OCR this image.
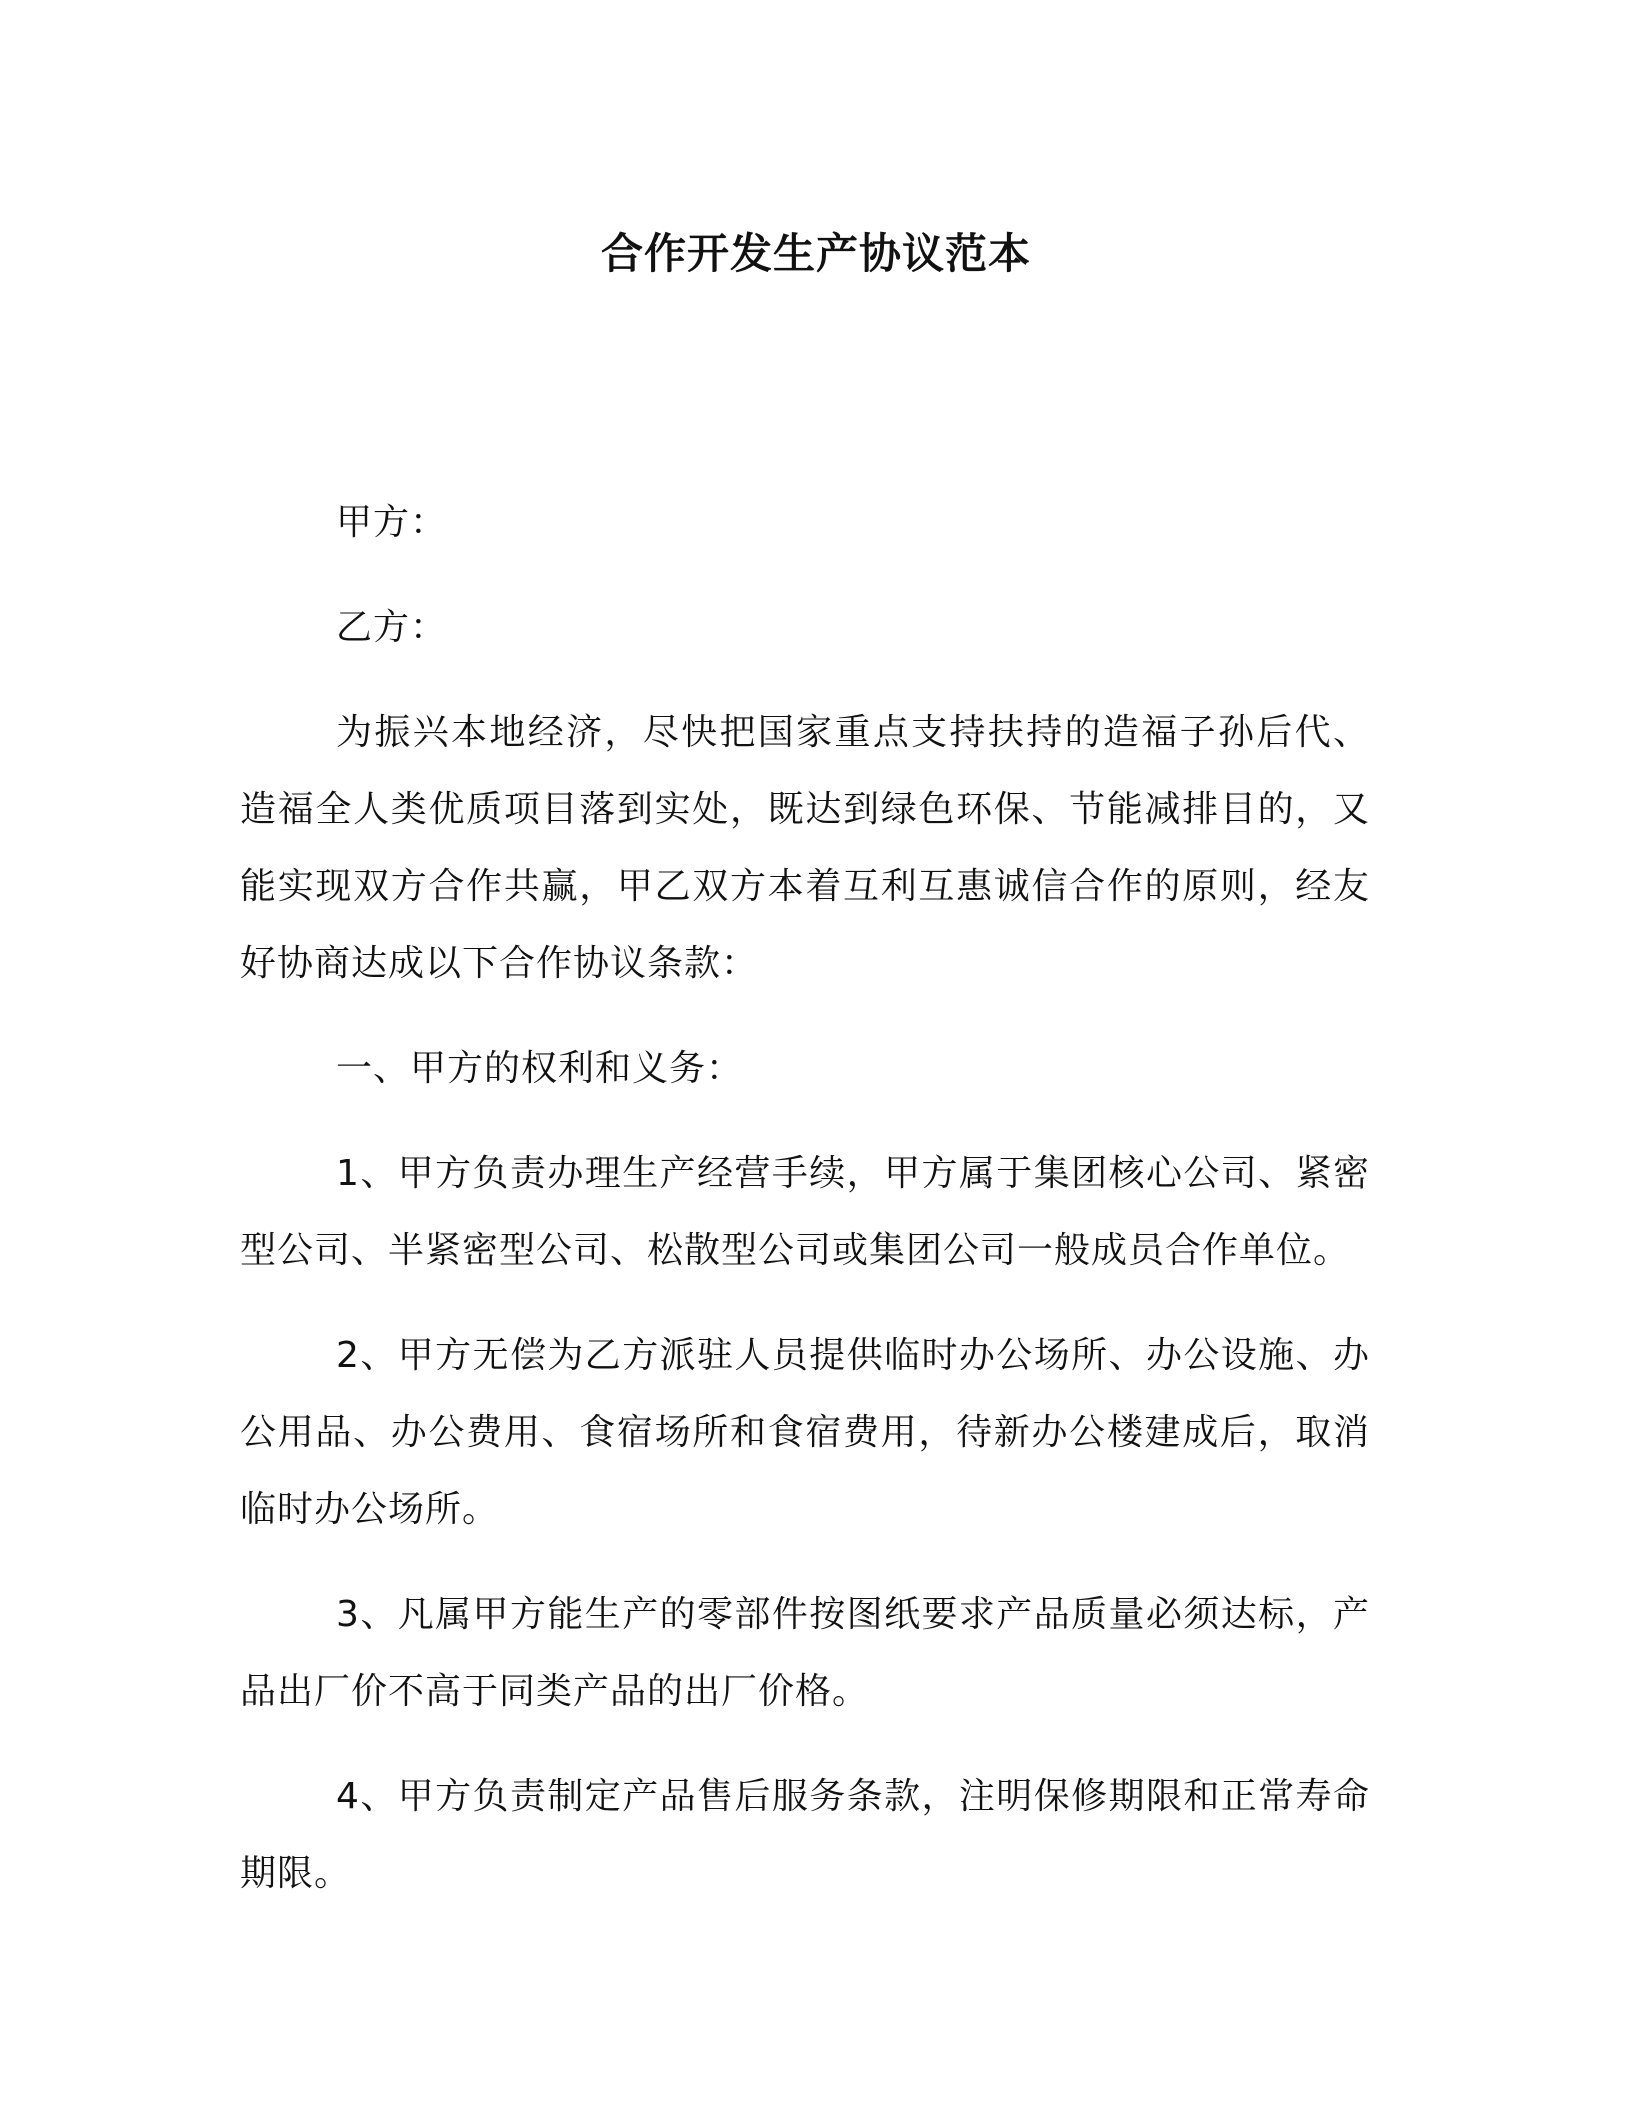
合作开发生产协议范本

甲方：

乙方：

为振兴本地经济，尽快把国家重点支持扶持的造福子孙后代、造福全人类优质项目落到实处，既达到绿色环保、节能减排目的，又能实现双方合作共赢，甲乙双方本着互利互惠诚信合作的原则，经友好协商达成以下合作协议条款：

一、甲方的权利和义务：

1、甲方负责办理生产经营手续，甲方属于集团核心公司、紧密型公司、半紧密型公司、松散型公司或集团公司一般成员合作单位。

2、甲方无偿为乙方派驻人员提供临时办公场所、办公设施、办公用品、办公费用、食宿场所和食宿费用，待新办公楼建成后，取消临时办公场所。

3、凡属甲方能生产的零部件按图纸要求产品质量必须达标，产品出厂价不高于同类产品的出厂价格。

4、甲方负责制定产品售后服务条款，注明保修期限和正常寿命期限。
